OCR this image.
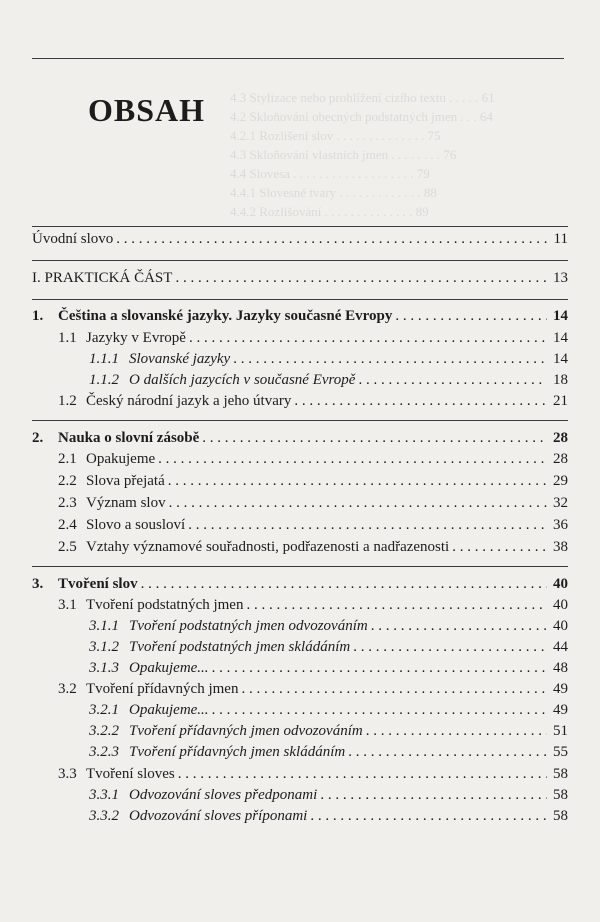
4.3 Stylizace nebo prohlížení cizího textu . . . . . 61
4.2 Skloňování obecných podstatných jmen . . . 64
4.2.1 Rozlišení slov . . . . . . . . . . . . . . 75
4.3 Skloňování vlastních jmen . . . . . . . . 76
4.4 Slovesa . . . . . . . . . . . . . . . . . . . 79
4.4.1 Slovesné tvary . . . . . . . . . . . . . 88
4.4.2 Rozlišování . . . . . . . . . . . . . . 89
OBSAH
Úvodní slovo . . .	11
I. PRAKTICKÁ ČÁST . . .	13
1. Čeština a slovanské jazyky. Jazyky současné Evropy . . .	14
1.1 Jazyky v Evropě . . .	14
1.1.1 Slovanské jazyky . . .	14
1.1.2 O dalších jazycích v současné Evropě . . .	18
1.2 Český národní jazyk a jeho útvary . . .	21
2. Nauka o slovní zásobě . . .	28
2.1 Opakujeme . . .	28
2.2 Slova přejatá . . .	29
2.3 Význam slov . . .	32
2.4 Slovo a sousloví . . .	36
2.5 Vztahy významové souřadnosti, podřazenosti a nadřazenosti . . .	38
3. Tvoření slov . . .	40
3.1 Tvoření podstatných jmen . . .	40
3.1.1 Tvoření podstatných jmen odvozováním . . .	40
3.1.2 Tvoření podstatných jmen skládáním . . .	44
3.1.3 Opakujeme... . . .	48
3.2 Tvoření přídavných jmen . . .	49
3.2.1 Opakujeme... . . .	49
3.2.2 Tvoření přídavných jmen odvozováním . . .	51
3.2.3 Tvoření přídavných jmen skládáním . . .	55
3.3 Tvoření sloves . . .	58
3.3.1 Odvozování sloves předponami . . .	58
3.3.2 Odvozování sloves příponami . . .	58
